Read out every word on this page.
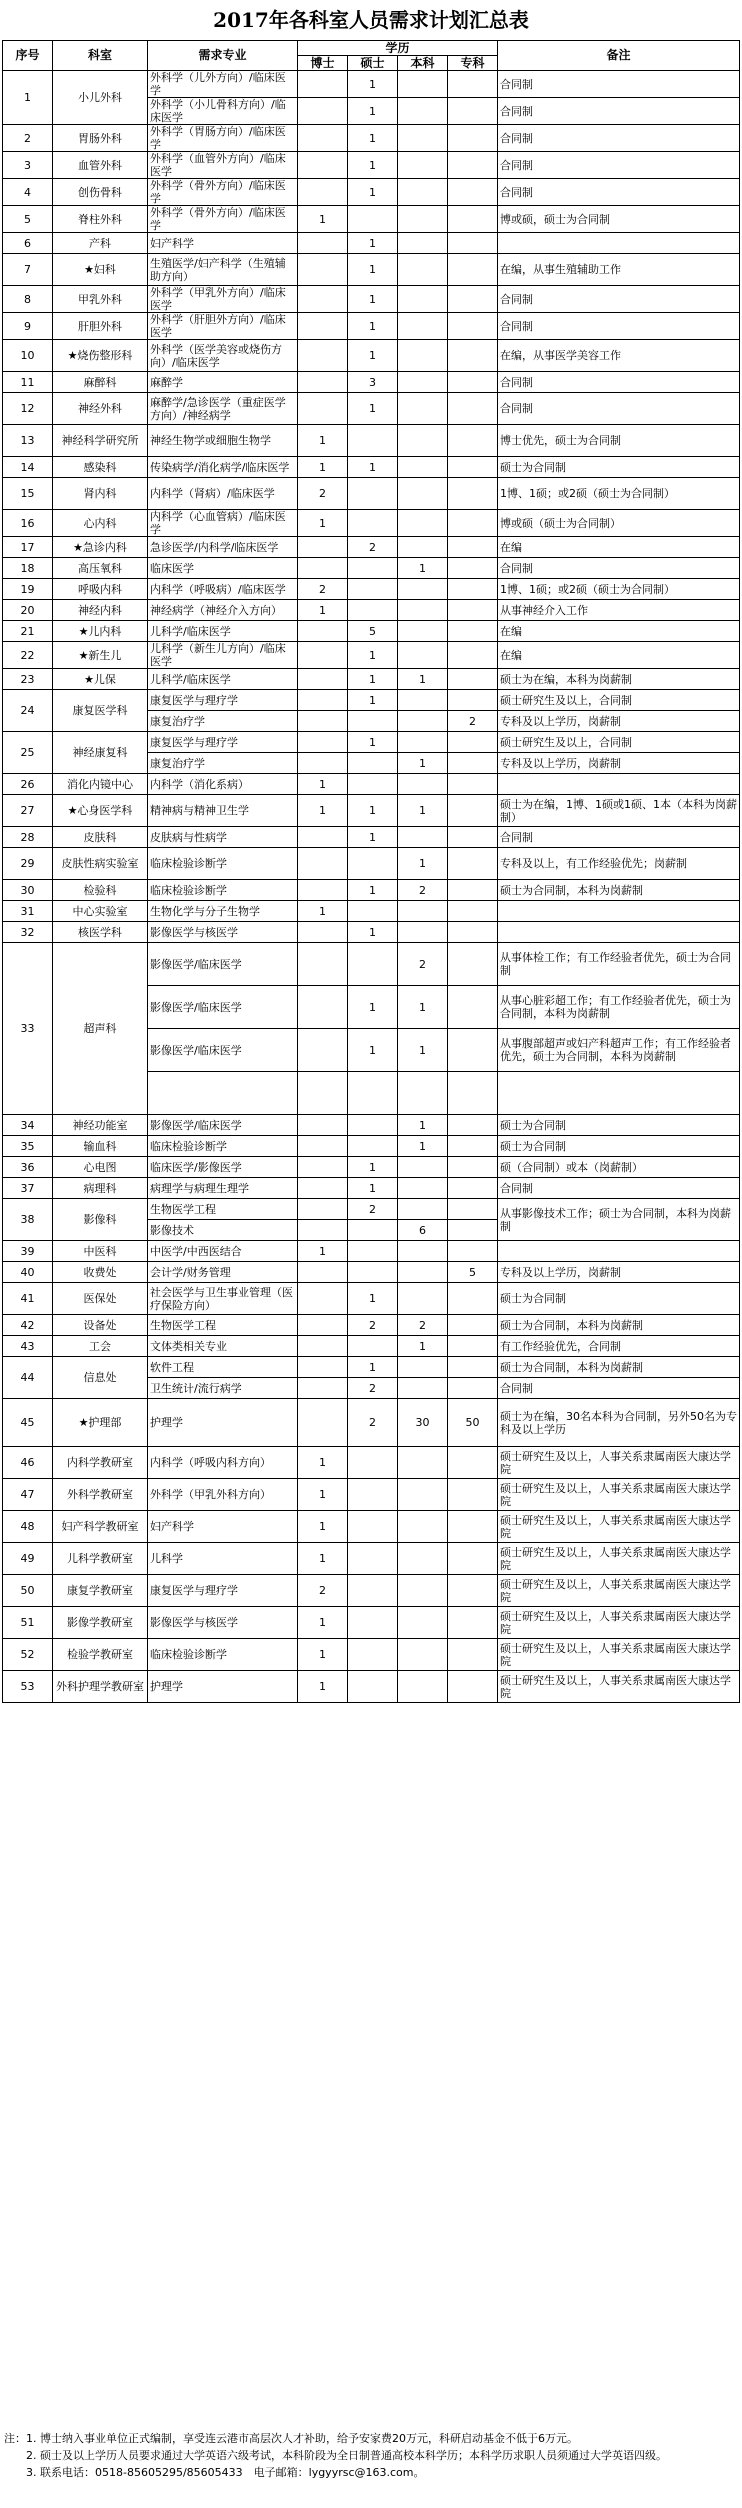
2017年各科室人员需求计划汇总表
序号	科室	需求专业	学历				备注
			博士	硕士	本科	专科	
1	小儿外科	外科学（儿外方向）/临床医学		1			合同制
		外科学（小儿骨科方向）/临床医学		1			合同制
2	胃肠外科	外科学（胃肠方向）/临床医学		1			合同制
3	血管外科	外科学（血管外方向）/临床医学		1			合同制
4	创伤骨科	外科学（骨外方向）/临床医学		1			合同制
5	脊柱外科	外科学（骨外方向）/临床医学	1				博或硕，硕士为合同制
6	产科	妇产科学		1			
7	★妇科	生殖医学/妇产科学（生殖辅助方向）		1			在编，从事生殖辅助工作
8	甲乳外科	外科学（甲乳外方向）/临床医学		1			合同制
9	肝胆外科	外科学（肝胆外方向）/临床医学		1			合同制
10	★烧伤整形科	外科学（医学美容或烧伤方向）/临床医学		1			在编，从事医学美容工作
11	麻醉科	麻醉学		3			合同制
12	神经外科	麻醉学/急诊医学（重症医学方向）/神经病学		1			合同制
13	神经科学研究所	神经生物学或细胞生物学	1				博士优先，硕士为合同制
14	感染科	传染病学/消化病学/临床医学	1	1			硕士为合同制
15	肾内科	内科学（肾病）/临床医学	2				1博、1硕；或2硕（硕士为合同制）
16	心内科	内科学（心血管病）/临床医学	1				博或硕（硕士为合同制）
17	★急诊内科	急诊医学/内科学/临床医学		2			在编
18	高压氧科	临床医学			1		合同制
19	呼吸内科	内科学（呼吸病）/临床医学	2				1博、1硕；或2硕（硕士为合同制）
20	神经内科	神经病学（神经介入方向）	1				从事神经介入工作
21	★儿内科	儿科学/临床医学		5			在编
22	★新生儿	儿科学（新生儿方向）/临床医学		1			在编
23	★儿保	儿科学/临床医学		1	1		硕士为在编，本科为岗薪制
24	康复医学科	康复医学与理疗学		1			硕士研究生及以上，合同制
		康复治疗学				2	专科及以上学历，岗薪制
25	神经康复科	康复医学与理疗学		1			硕士研究生及以上，合同制
		康复治疗学			1		专科及以上学历，岗薪制
26	消化内镜中心	内科学（消化系病）	1				
27	★心身医学科	精神病与精神卫生学	1	1	1		硕士为在编，1博、1硕或1硕、1本（本科为岗薪制）
28	皮肤科	皮肤病与性病学		1			合同制
29	皮肤性病实验室	临床检验诊断学			1		专科及以上，有工作经验优先；岗薪制
30	检验科	临床检验诊断学		1	2		硕士为合同制，本科为岗薪制
31	中心实验室	生物化学与分子生物学	1				
32	核医学科	影像医学与核医学		1			
33	超声科	影像医学/临床医学			2		从事体检工作；有工作经验者优先，硕士为合同制
		影像医学/临床医学		1	1		从事心脏彩超工作；有工作经验者优先，硕士为合同制，本科为岗薪制
		影像医学/临床医学		1	1		从事腹部超声或妇产科超声工作；有工作经验者优先，硕士为合同制，本科为岗薪制

34	神经功能室	影像医学/临床医学			1		硕士为合同制
35	输血科	临床检验诊断学			1		硕士为合同制
36	心电图	临床医学/影像医学		1			硕（合同制）或本（岗薪制）
37	病理科	病理学与病理生理学		1			合同制
38	影像科	生物医学工程		2			从事影像技术工作；硕士为合同制，本科为岗薪制
		影像技术			6		
39	中医科	中医学/中西医结合	1				
40	收费处	会计学/财务管理				5	专科及以上学历，岗薪制
41	医保处	社会医学与卫生事业管理（医疗保险方向）		1			硕士为合同制
42	设备处	生物医学工程		2	2		硕士为合同制，本科为岗薪制
43	工会	文体类相关专业			1		有工作经验优先，合同制
44	信息处	软件工程		1			硕士为合同制，本科为岗薪制
		卫生统计/流行病学		2			合同制
45	★护理部	护理学		2	30	50	硕士为在编，30名本科为合同制，另外50名为专科及以上学历
46	内科学教研室	内科学（呼吸内科方向）	1				硕士研究生及以上，人事关系隶属南医大康达学院
47	外科学教研室	外科学（甲乳外科方向）	1				硕士研究生及以上，人事关系隶属南医大康达学院
48	妇产科学教研室	妇产科学	1				硕士研究生及以上，人事关系隶属南医大康达学院
49	儿科学教研室	儿科学	1				硕士研究生及以上，人事关系隶属南医大康达学院
50	康复学教研室	康复医学与理疗学	2				硕士研究生及以上，人事关系隶属南医大康达学院
51	影像学教研室	影像医学与核医学	1				硕士研究生及以上，人事关系隶属南医大康达学院
52	检验学教研室	临床检验诊断学	1				硕士研究生及以上，人事关系隶属南医大康达学院
53	外科护理学教研室	护理学	1				硕士研究生及以上，人事关系隶属南医大康达学院
注：1. 博士纳入事业单位正式编制，享受连云港市高层次人才补助，给予安家费20万元，科研启动基金不低于6万元。
2. 硕士及以上学历人员要求通过大学英语六级考试，本科阶段为全日制普通高校本科学历；本科学历求职人员须通过大学英语四级。
3. 联系电话：0518-85605295/85605433　电子邮箱：lygyyrsc@163.com。
